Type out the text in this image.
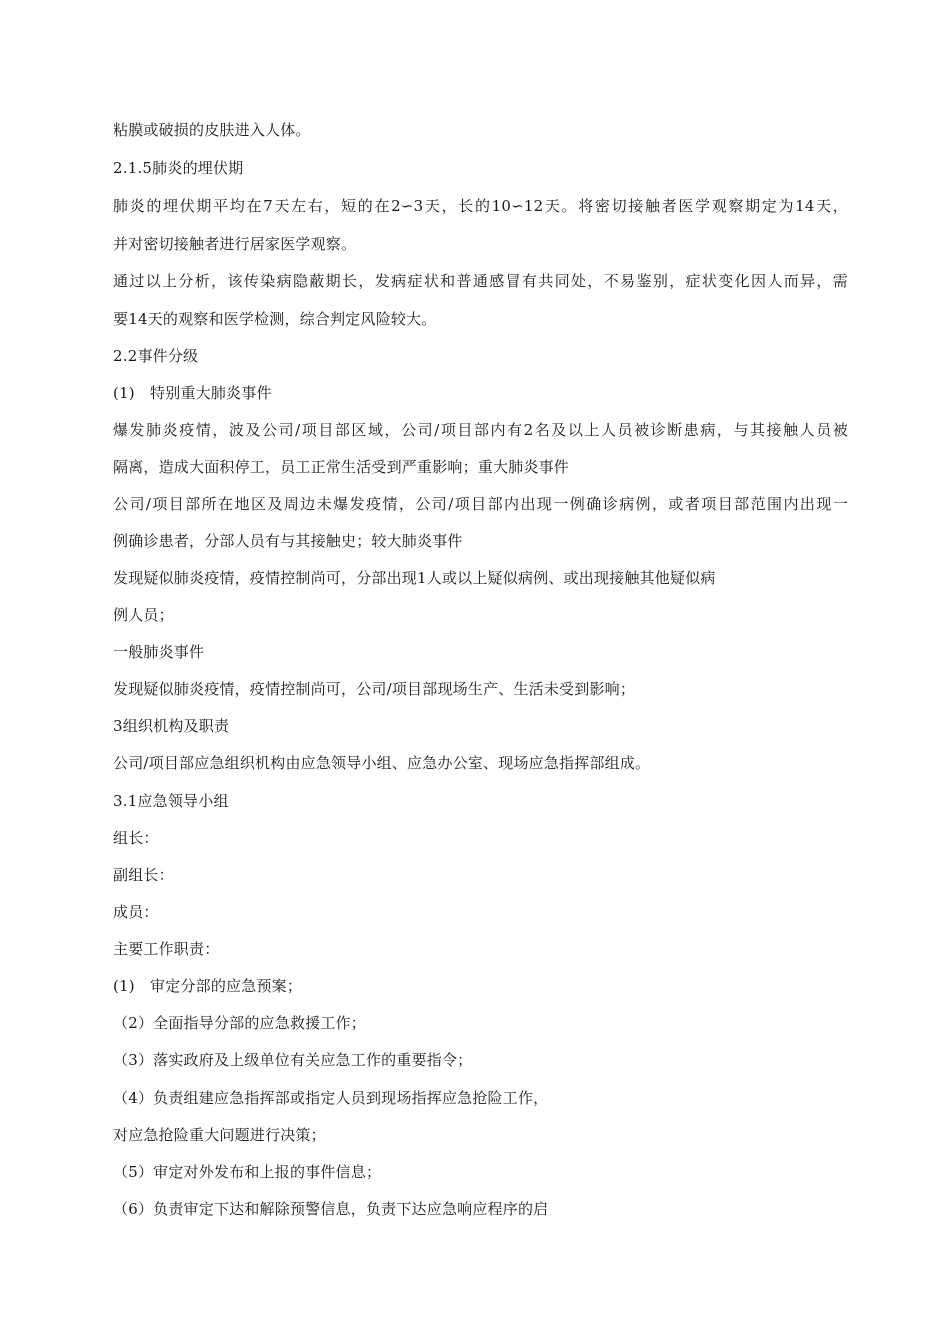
粘膜或破损的皮肤进入人体。
2.1.5肺炎的埋伏期
肺炎的埋伏期平均在7天左右，短的在2∽3天，长的10∽12天。将密切接触者医学观察期定为14天，
并对密切接触者进行居家医学观察。
通过以上分析，该传染病隐蔽期长，发病症状和普通感冒有共同处，不易鉴别，症状变化因人而异，需
要14天的观察和医学检测，综合判定风险较大。
2.2事件分级
(1)　特别重大肺炎事件
爆发肺炎疫情，波及公司/项目部区域，公司/项目部内有2名及以上人员被诊断患病，与其接触人员被
隔离，造成大面积停工，员工正常生活受到严重影响；重大肺炎事件
公司/项目部所在地区及周边未爆发疫情，公司/项目部内出现一例确诊病例，或者项目部范围内出现一
例确诊患者，分部人员有与其接触史；较大肺炎事件
发现疑似肺炎疫情，疫情控制尚可，分部出现1人或以上疑似病例、或出现接触其他疑似病
例人员；
一般肺炎事件
发现疑似肺炎疫情，疫情控制尚可，公司/项目部现场生产、生活未受到影响；
3组织机构及职责
公司/项目部应急组织机构由应急领导小组、应急办公室、现场应急指挥部组成。
3.1应急领导小组
组长：
副组长：
成员：
主要工作职责：
(1)　审定分部的应急预案；
（2）全面指导分部的应急救援工作；
（3）落实政府及上级单位有关应急工作的重要指令；
（4）负责组建应急指挥部或指定人员到现场指挥应急抢险工作，
对应急抢险重大问题进行决策；
（5）审定对外发布和上报的事件信息；
（6）负责审定下达和解除预警信息，负责下达应急响应程序的启
